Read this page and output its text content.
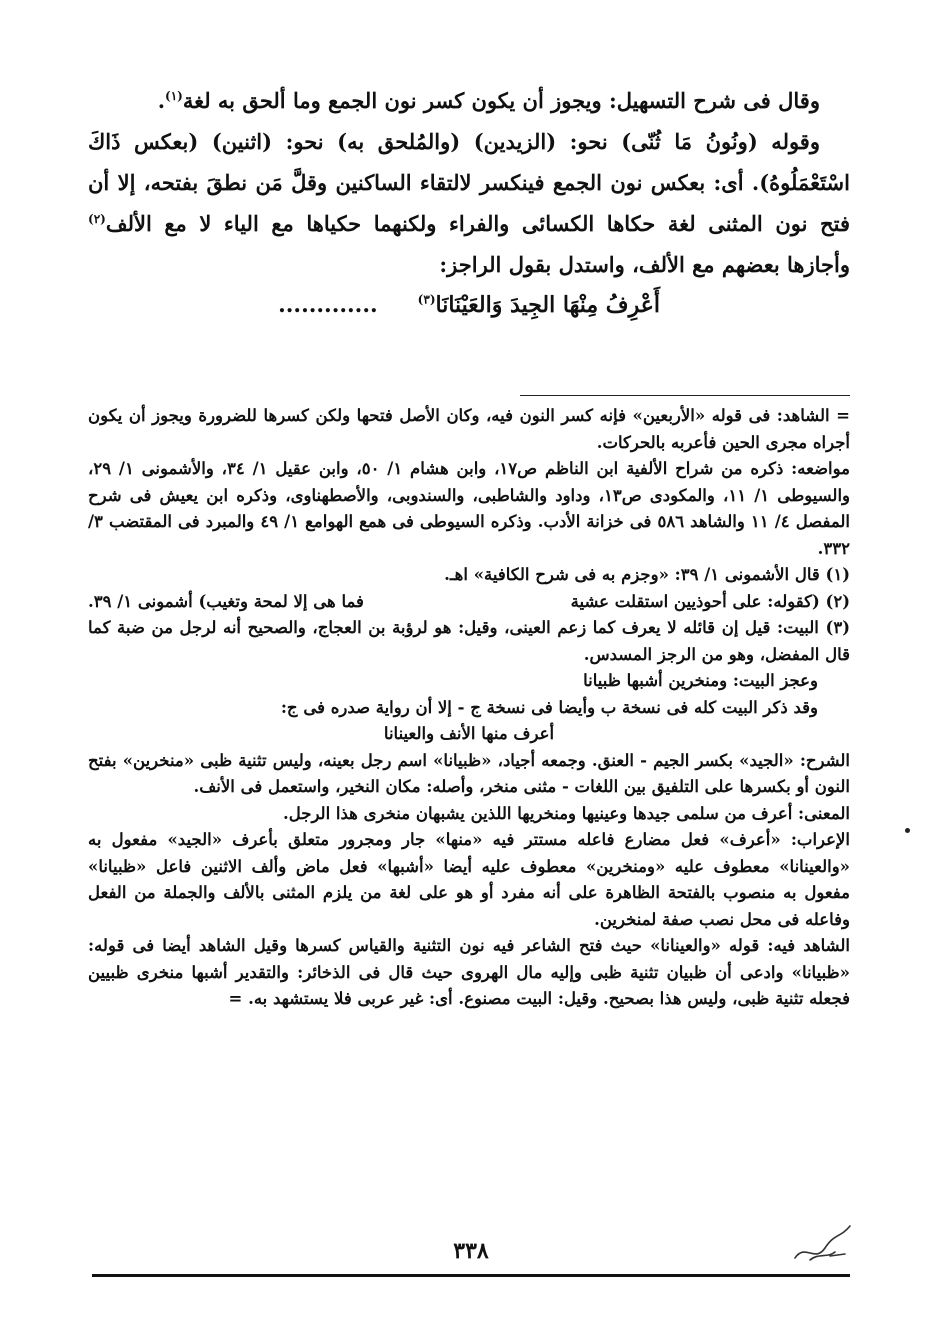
وقال فى شرح التسهيل: ويجوز أن يكون كسر نون الجمع وما ألحق به لغة$^{(١)}$.

وقوله (ونُونُ مَا ثُنّى) نحو: (الزيدين) (والمُلحق به) نحو: (اثنين) (بعكس ذَاكَ اسْتَعْمَلُوهُ). أى: بعكس نون الجمع فينكسر لالتقاء الساكنين وقلَّ مَن نطقَ بفتحه، إلا أن فتح نون المثنى لغة حكاها الكسائى والفراء ولكنهما حكياها مع الياء لا مع الألف$^{(٢)}$ وأجازها بعضهم مع الألف، واستدل بقول الراجز:

أَعْرِفُ مِنْهَا الجِيدَ وَالعَيْنَانَا$^{(٣)}$.............

= الشاهد: فى قوله «الأربعين» فإنه كسر النون فيه، وكان الأصل فتحها ولكن كسرها للضرورة ويجوز أن يكون أجراه مجرى الحين فأعربه بالحركات.

مواضعه: ذكره من شراح الألفية ابن الناظم ص١٧، وابن هشام ١/ ٥٠، وابن عقيل ١/ ٣٤، والأشمونى ١/ ٢٩، والسيوطى ١/ ١١، والمكودى ص١٣، وداود والشاطبى، والسندوبى، والأصطهناوى، وذكره ابن يعيش فى شرح المفصل ٤/ ١١ والشاهد ٥٨٦ فى خزانة الأدب. وذكره السيوطى فى همع الهوامع ١/ ٤٩ والمبرد فى المقتضب ٣/ ٣٣٢.

(١) قال الأشمونى ١/ ٣٩: «وجزم به فى شرح الكافية» اهـ.

(٢) (كقوله: على أحوذيين استقلت عشية
فما هى إلا لمحة وتغيب) أشمونى ١/ ٣٩.

(٣) البيت: قيل إن قائله لا يعرف كما زعم العينى، وقيل: هو لرؤبة بن العجاج، والصحيح أنه لرجل من ضبة كما قال المفضل، وهو من الرجز المسدس.

وعجز البيت: ومنخرين أشبها ظبيانا

وقد ذكر البيت كله فى نسخة ب وأيضا فى نسخة ج - إلا أن رواية صدره فى ج:

أعرف منها الأنف والعينانا

الشرح: «الجيد» بكسر الجيم - العنق. وجمعه أجياد، «ظبيانا» اسم رجل بعينه، وليس تثنية ظبى «منخرين» بفتح النون أو بكسرها على التلفيق بين اللغات - مثنى منخر، وأصله: مكان النخير، واستعمل فى الأنف.

المعنى: أعرف من سلمى جيدها وعينيها ومنخريها اللذين يشبهان منخرى هذا الرجل.

الإعراب: «أعرف» فعل مضارع فاعله مستتر فيه «منها» جار ومجرور متعلق بأعرف «الجيد» مفعول به «والعينانا» معطوف عليه «ومنخرين» معطوف عليه أيضا «أشبها» فعل ماض وألف الاثنين فاعل «ظبيانا» مفعول به منصوب بالفتحة الظاهرة على أنه مفرد أو هو على لغة من يلزم المثنى بالألف والجملة من الفعل وفاعله فى محل نصب صفة لمنخرين.

الشاهد فيه: قوله «والعينانا» حيث فتح الشاعر فيه نون التثنية والقياس كسرها وقيل الشاهد أيضا فى قوله: «ظبيانا» وادعى أن ظبيان تثنية ظبى وإليه مال الهروى حيث قال فى الذخائر: والتقدير أشبها منخرى ظبيين فجعله تثنية ظبى، وليس هذا بصحيح. وقيل: البيت مصنوع. أى: غير عربى فلا يستشهد به. =

٣٣٨
